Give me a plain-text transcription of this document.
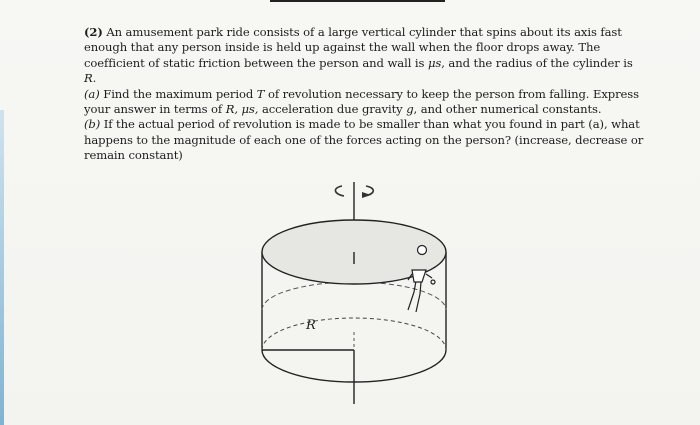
(2) An amusement park ride consists of a large vertical cylinder that spins about its axis fast enough that any person inside is held up against the wall when the floor drops away. The coefficient of static friction between the person and wall is μs, and the radius of the cylinder is R.

(a) Find the maximum period T of revolution necessary to keep the person from falling. Express your answer in terms of R, μs, acceleration due gravity g, and other numerical constants.

(b) If the actual period of revolution is made to be smaller than what you found in part (a), what happens to the magnitude of each one of the forces acting on the person? (increase, decrease or remain constant)

R
